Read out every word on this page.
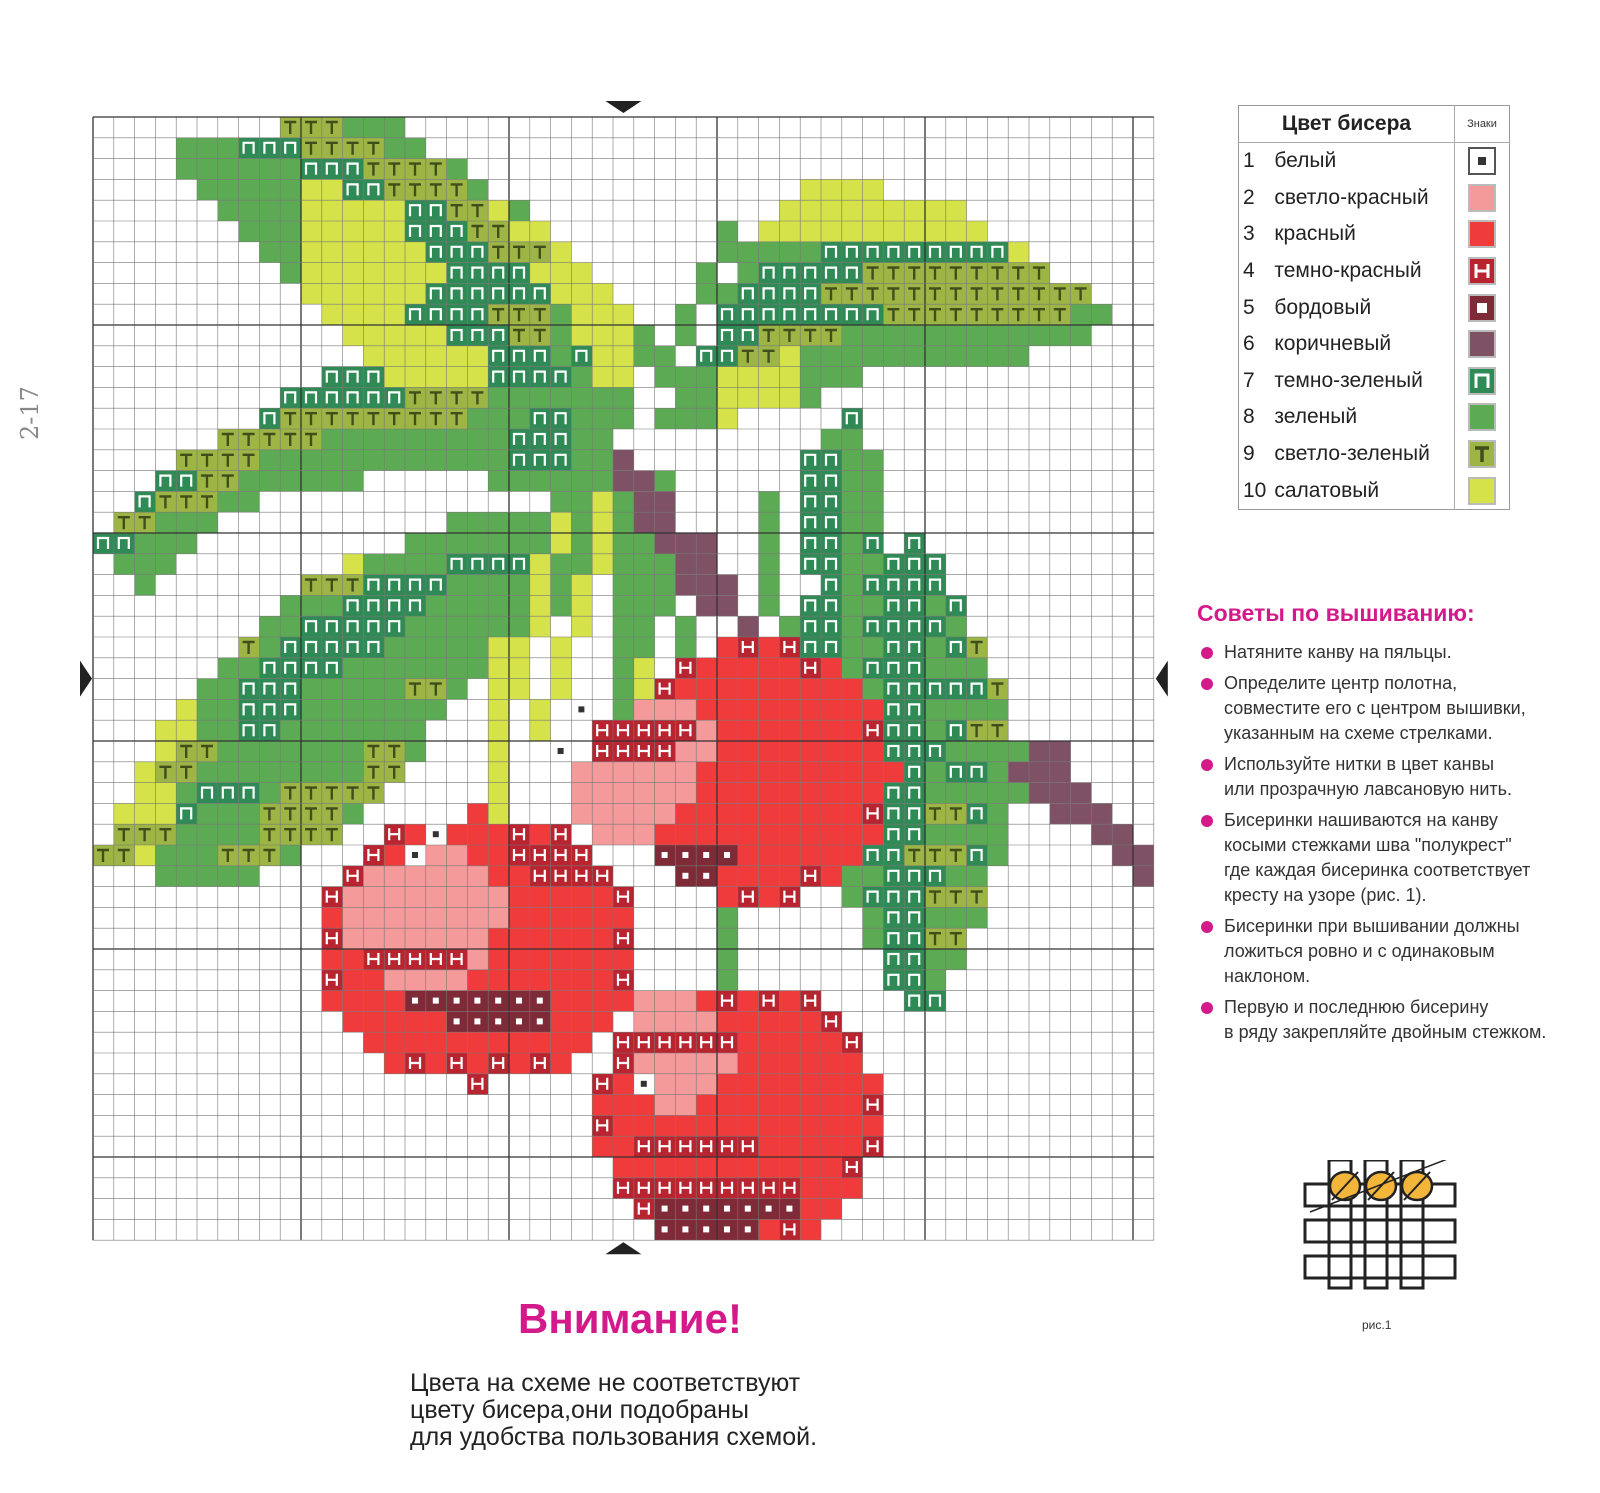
2-17
Цвет бисера		Знаки
1	белый	

2	светло-красный	
3	красный	
4	темно-красный	

5	бордовый	

6	коричневый	
7	темно-зеленый	

8	зеленый	
9	светло-зеленый	

10	салатовый	
Советы по вышиванию:
Натяните канву на пяльцы.
Определите центр полотна,
совместите его с центром вышивки,
указанным на схеме стрелками.
Используйте нитки в цвет канвы
или прозрачную лавсановую нить.
Бисеринки нашиваются на канву
косыми стежками шва "полукрест"
где каждая бисеринка соответствует
кресту на узоре (рис. 1).
Бисеринки при вышивании должны
ложиться ровно и с одинаковым
наклоном.
Первую и последнюю бисерину
в ряду закрепляйте двойным стежком.
рис.1
Внимание!
Цвета на схеме не соответствуют
цвету бисера,они подобраны
для удобства пользования схемой.
